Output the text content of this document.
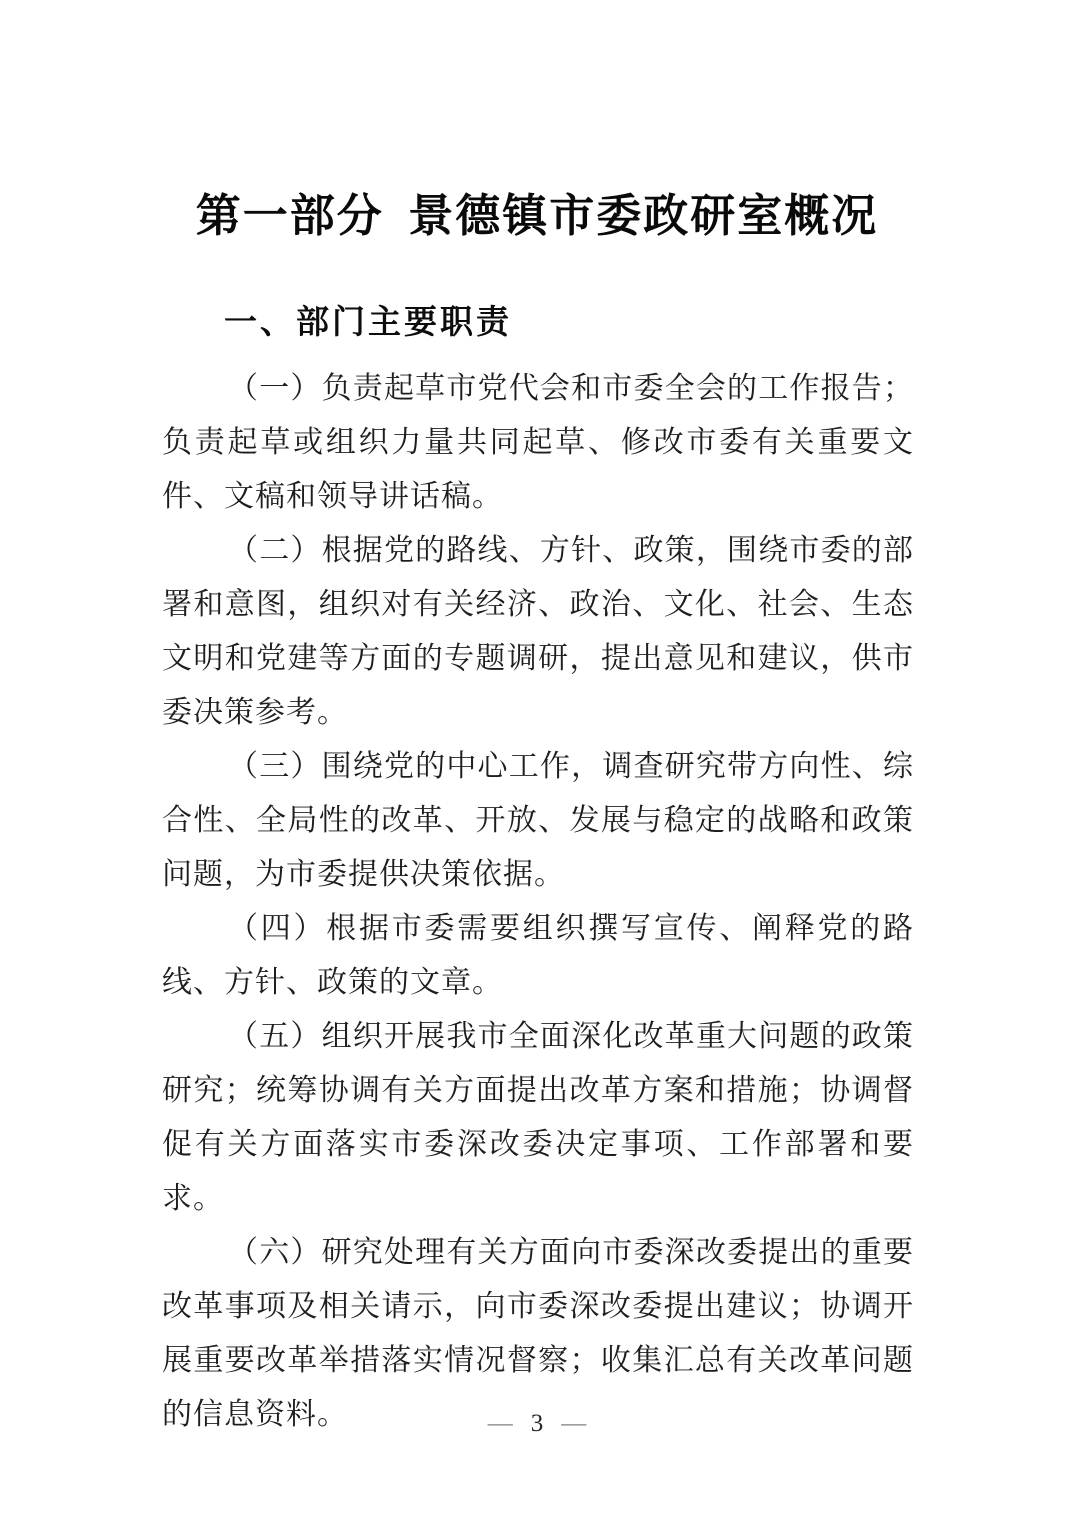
第一部分 景德镇市委政研室概况
一、部门主要职责

（一）负责起草市党代会和市委全会的工作报告；负责起草或组织力量共同起草、修改市委有关重要文件、文稿和领导讲话稿。

（二）根据党的路线、方针、政策，围绕市委的部署和意图，组织对有关经济、政治、文化、社会、生态文明和党建等方面的专题调研，提出意见和建议，供市委决策参考。

（三）围绕党的中心工作，调查研究带方向性、综合性、全局性的改革、开放、发展与稳定的战略和政策问题，为市委提供决策依据。

（四）根据市委需要组织撰写宣传、阐释党的路线、方针、政策的文章。

（五）组织开展我市全面深化改革重大问题的政策研究；统筹协调有关方面提出改革方案和措施；协调督促有关方面落实市委深改委决定事项、工作部署和要求。

（六）研究处理有关方面向市委深改委提出的重要改革事项及相关请示，向市委深改委提出建议；协调开展重要改革举措落实情况督察；收集汇总有关改革问题的信息资料。	— 3 —
